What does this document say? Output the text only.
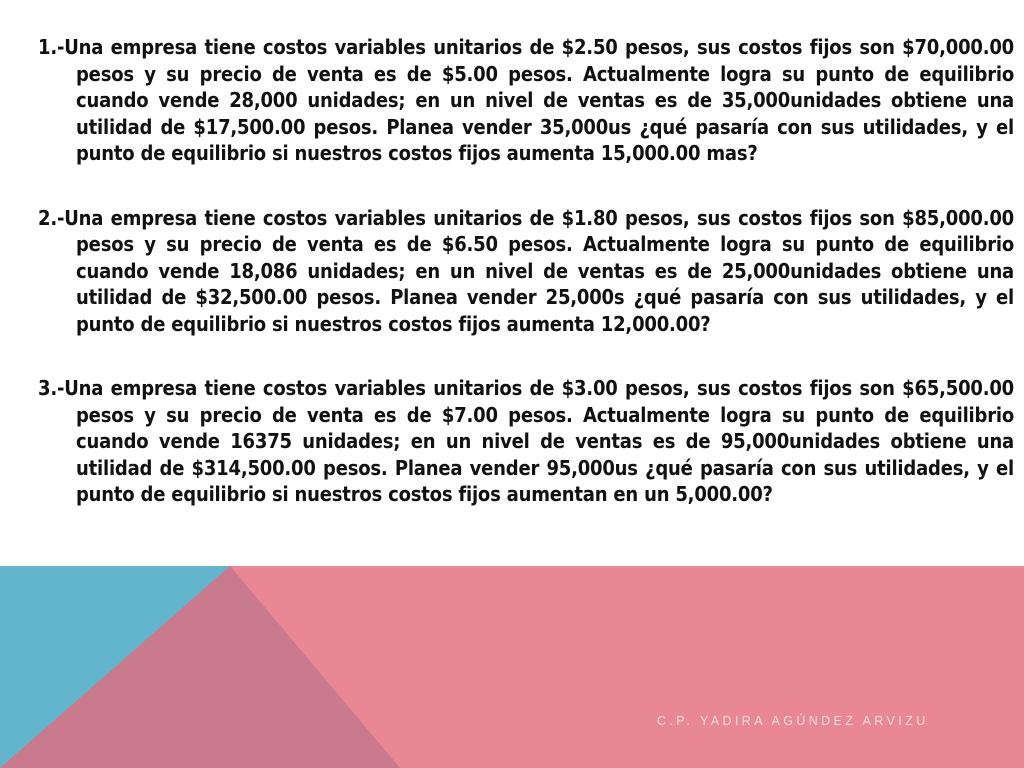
1.-Una empresa tiene costos variables unitarios de $2.50 pesos, sus costos fijos son $70,000.00 pesos y su precio de venta es de $5.00 pesos. Actualmente logra su punto de equilibrio cuando vende 28,000 unidades; en un nivel de ventas es de 35,000unidades obtiene una utilidad de $17,500.00 pesos. Planea vender 35,000us ¿qué pasaría con sus utilidades, y el punto de equilibrio si nuestros costos fijos aumenta 15,000.00 mas?

2.-Una empresa tiene costos variables unitarios de $1.80 pesos, sus costos fijos son $85,000.00 pesos y su precio de venta es de $6.50 pesos. Actualmente logra su punto de equilibrio cuando vende 18,086 unidades; en un nivel de ventas es de 25,000unidades obtiene una utilidad de $32,500.00 pesos. Planea vender 25,000s ¿qué pasaría con sus utilidades, y el punto de equilibrio si nuestros costos fijos aumenta 12,000.00?

3.-Una empresa tiene costos variables unitarios de $3.00 pesos, sus costos fijos son $65,500.00 pesos y su precio de venta es de $7.00 pesos. Actualmente logra su punto de equilibrio cuando vende 16375 unidades; en un nivel de ventas es de 95,000unidades obtiene una utilidad de $314,500.00 pesos. Planea vender 95,000us ¿qué pasaría con sus utilidades, y el punto de equilibrio si nuestros costos fijos aumentan en un 5,000.00?

C.P. YADIRA AGÚNDEZ ARVIZU
